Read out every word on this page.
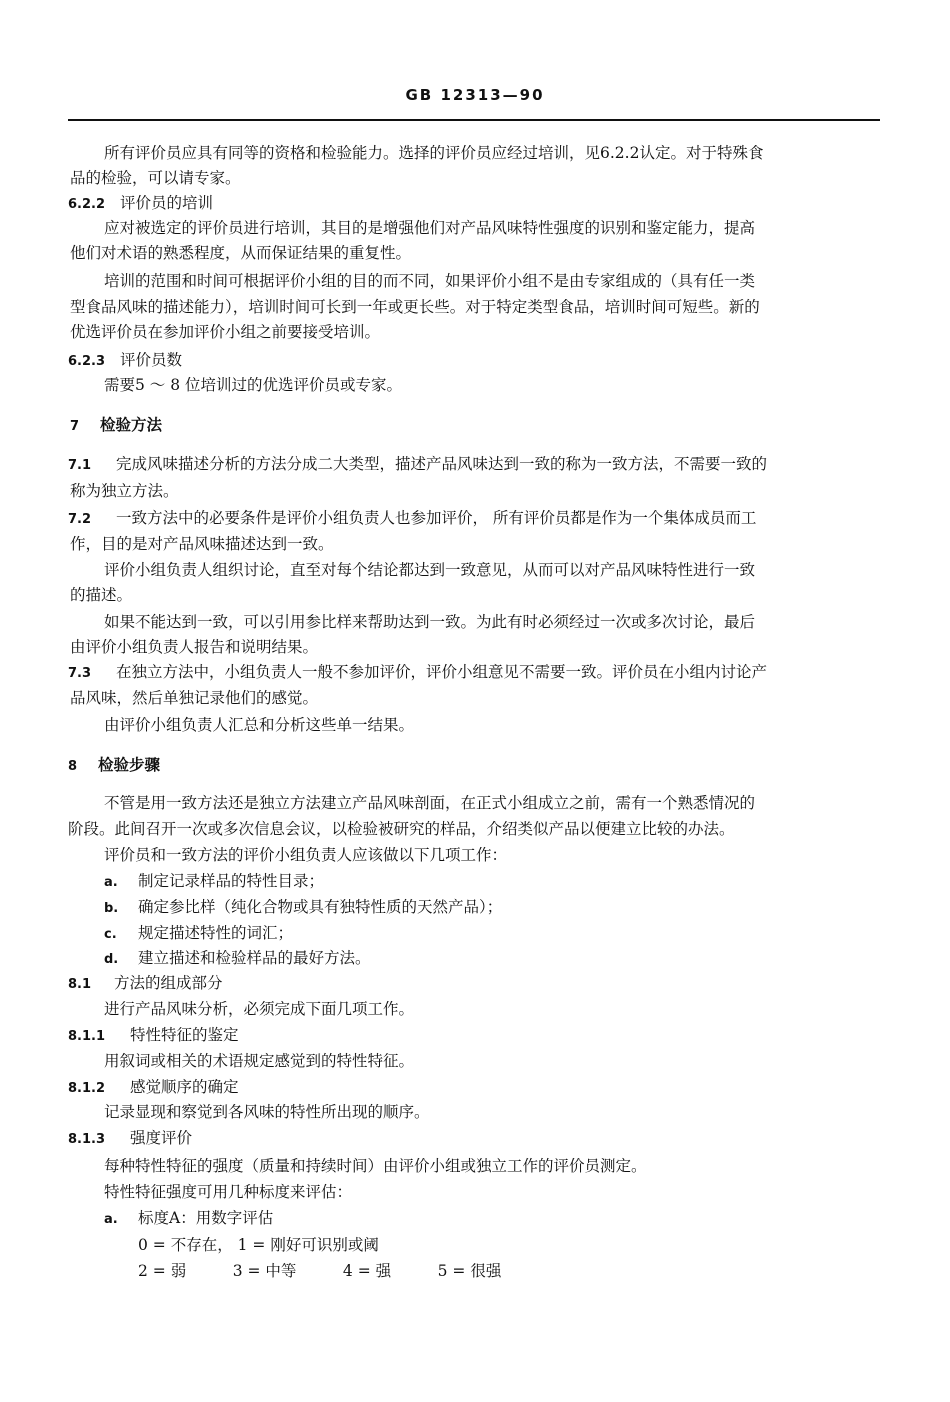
GB 12313—90
所有评价员应具有同等的资格和检验能力。选择的评价员应经过培训，见6.2.2认定。对于特殊食
品的检验，可以请专家。
6.2.2 评价员的培训
应对被选定的评价员进行培训，其目的是增强他们对产品风味特性强度的识别和鉴定能力，提高
他们对术语的熟悉程度，从而保证结果的重复性。
培训的范围和时间可根据评价小组的目的而不同，如果评价小组不是由专家组成的（具有任一类
型食品风味的描述能力），培训时间可长到一年或更长些。对于特定类型食品，培训时间可短些。新的
优选评价员在参加评价小组之前要接受培训。
6.2.3 评价员数
需要5 ～ 8 位培训过的优选评价员或专家。
7 检验方法
7.1 完成风味描述分析的方法分成二大类型，描述产品风味达到一致的称为一致方法，不需要一致的
称为独立方法。
7.2 一致方法中的必要条件是评价小组负责人也参加评价， 所有评价员都是作为一个集体成员而工
作，目的是对产品风味描述达到一致。
评价小组负责人组织讨论，直至对每个结论都达到一致意见，从而可以对产品风味特性进行一致
的描述。
如果不能达到一致，可以引用参比样来帮助达到一致。为此有时必须经过一次或多次讨论，最后
由评价小组负责人报告和说明结果。
7.3 在独立方法中，小组负责人一般不参加评价，评价小组意见不需要一致。评价员在小组内讨论产
品风味，然后单独记录他们的感觉。
由评价小组负责人汇总和分析这些单一结果。
8 检验步骤
不管是用一致方法还是独立方法建立产品风味剖面，在正式小组成立之前，需有一个熟悉情况的
阶段。此间召开一次或多次信息会议，以检验被研究的样品，介绍类似产品以便建立比较的办法。
评价员和一致方法的评价小组负责人应该做以下几项工作：
a. 制定记录样品的特性目录；
b. 确定参比样（纯化合物或具有独特性质的天然产品）；
c. 规定描述特性的词汇；
d. 建立描述和检验样品的最好方法。
8.1 方法的组成部分
进行产品风味分析，必须完成下面几项工作。
8.1.1 特性特征的鉴定
用叙词或相关的术语规定感觉到的特性特征。
8.1.2 感觉顺序的确定
记录显现和察觉到各风味的特性所出现的顺序。
8.1.3 强度评价
每种特性特征的强度（质量和持续时间）由评价小组或独立工作的评价员测定。
特性特征强度可用几种标度来评估：
a. 标度A：用数字评估
0 = 不存在， 1 = 刚好可识别或阈
2 = 弱　　　3 = 中等　　　4 = 强　　　5 = 很强
